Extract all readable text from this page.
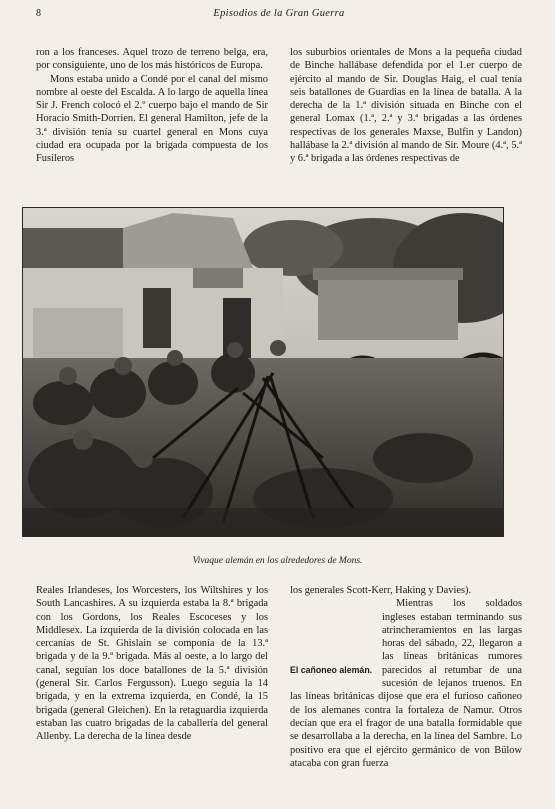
8	Episodios de la Gran Guerra

ron a los franceses. Aquel trozo de terreno belga, era, por consiguiente, uno de los más históricos de Europa.

Mons estaba unido a Condé por el canal del mismo nombre al oeste del Escalda. A lo largo de aquella línea Sir J. French colocó el 2.º cuerpo bajo el mando de Sir Horacio Smith-Dorrien. El general Hamilton, jefe de la 3.ª división tenía su cuartel general en Mons cuya ciudad era ocupada por la brigada compuesta de los Fusileros

los suburbios orientales de Mons a la pequeña ciudad de Binche hallábase defendida por el 1.er cuerpo de ejército al mando de Sir. Douglas Haig, el cual tenía seis batallones de Guardias en la línea de batalla. A la derecha de la 1.ª división situada en Binche con el general Lomax (1.ª, 2.ª y 3.ª brigadas a las órdenes respectivas de los generales Maxse, Bulfin y Landon) hallábase la 2.ª división al mando de Sir. Moure (4.ª, 5.ª y 6.ª brigada a las órdenes respectivas de

Vivaque alemán en los alrededores de Mons.

Reales Irlandeses, los Worcesters, los Wiltshires y los South Lancashires. A su izquierda estaba la 8.ª brigada con los Gordons, los Reales Escoceses y los Middlesex. La izquierda de la división colocada en las cercanías de St. Ghislain se componía de la 13.ª brigada y de la 9.ª brigada. Más al oeste, a lo largo del canal, seguían los doce batallones de la 5.ª división (general Sir. Carlos Fergusson). Luego seguía la 14 brigada, y en la extrema izquierda, en Condé, la 15 brigada (general Gleichen). En la retaguardia izquierda estaban las cuatro brigadas de la caballería del general Allenby. La derecha de la línea desde

los generales Scott-Kerr, Haking y Davies).

El cañoneo alemán.

Mientras los soldados ingleses estaban terminando sus atrincheramientos en las largas horas del sábado, 22, llegaron a las líneas británicas rumores parecidos al retumbar de una sucesión de lejanos truenos. En las líneas británicas dijose que era el furioso cañoneo de los alemanes contra la fortaleza de Namur. Otros decían que era el fragor de una batalla formidable que se desarrollaba a la derecha, en la línea del Sambre. Lo positivo era que el ejército germánico de von Bülow atacaba con gran fuerza
